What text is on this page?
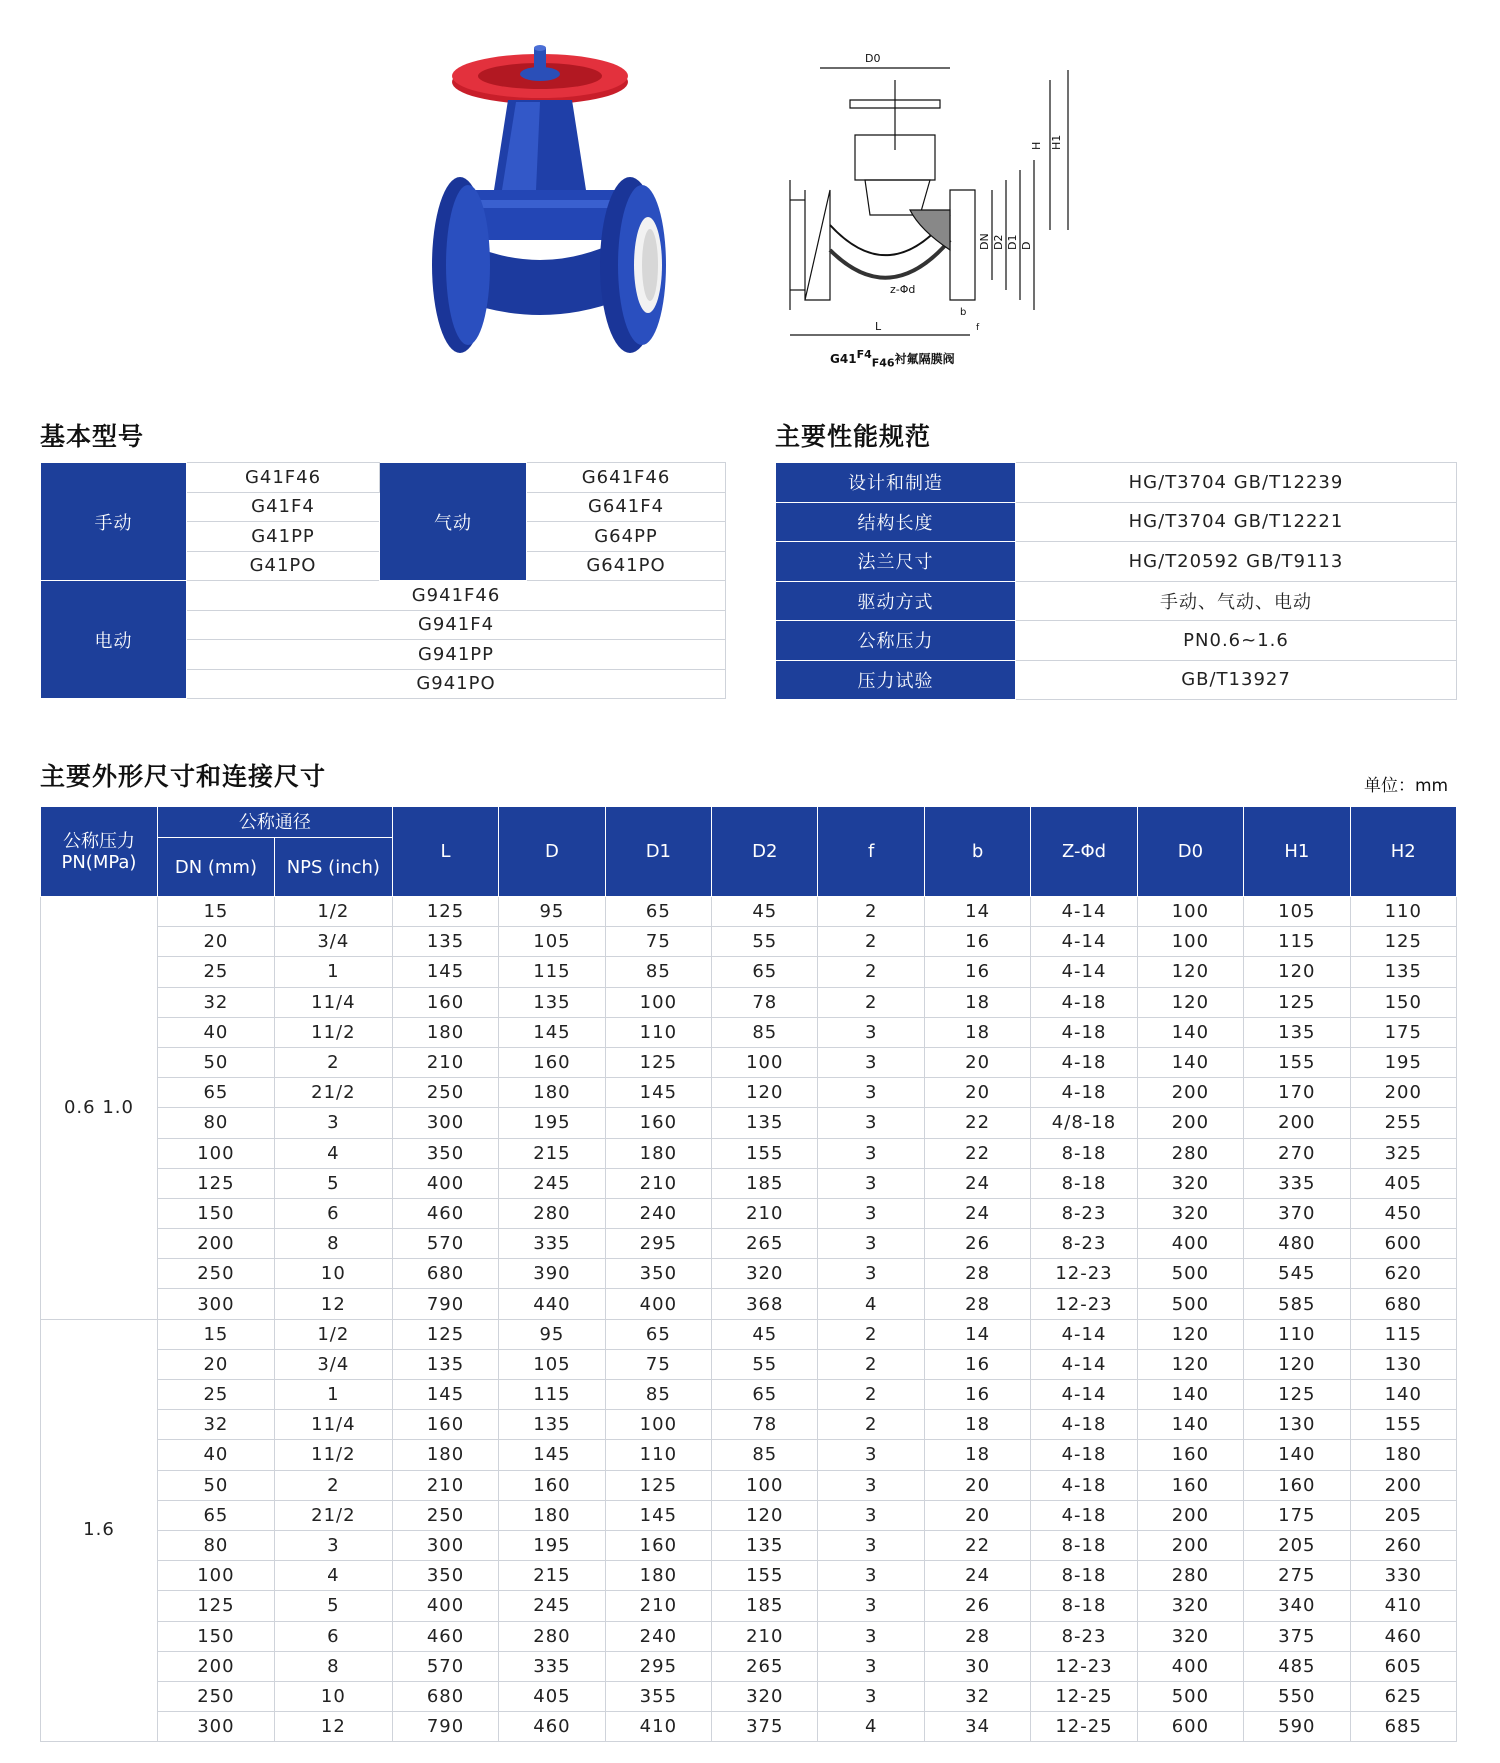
D0
H H1
DN D2 D1 D
z-Φd
b
L	f
$G41^{F4}_{F46}$衬氟隔膜阀
基本型号
手动	G41F46	气动	G641F46
	G41F4		G641F4
	G41PP		G64PP
	G41PO		G641PO
电动	G941F46		
	G941F4		
	G941PP		
	G941PO		
主要性能规范
设计和制造	HG/T3704 GB/T12239
结构长度	HG/T3704 GB/T12221
法兰尺寸	HG/T20592 GB/T9113
驱动方式	手动、气动、电动
公称压力	PN0.6~1.6
压力试验	GB/T13927
主要外形尺寸和连接尺寸	单位：mm
公称压力 PN(MPa)	公称通径		L	D	D1	D2	f	b	Z-Φd	D0	H1	H2
	DN (mm)	NPS (inch)										
0.6 1.0	15	1/2	125	95	65	45	2	14	4-14	100	105	110
	20	3/4	135	105	75	55	2	16	4-14	100	115	125
	25	1	145	115	85	65	2	16	4-14	120	120	135
	32	11/4	160	135	100	78	2	18	4-18	120	125	150
	40	11/2	180	145	110	85	3	18	4-18	140	135	175
	50	2	210	160	125	100	3	20	4-18	140	155	195
	65	21/2	250	180	145	120	3	20	4-18	200	170	200
	80	3	300	195	160	135	3	22	4/8-18	200	200	255
	100	4	350	215	180	155	3	22	8-18	280	270	325
	125	5	400	245	210	185	3	24	8-18	320	335	405
	150	6	460	280	240	210	3	24	8-23	320	370	450
	200	8	570	335	295	265	3	26	8-23	400	480	600
	250	10	680	390	350	320	3	28	12-23	500	545	620
	300	12	790	440	400	368	4	28	12-23	500	585	680
1.6	15	1/2	125	95	65	45	2	14	4-14	120	110	115
	20	3/4	135	105	75	55	2	16	4-14	120	120	130
	25	1	145	115	85	65	2	16	4-14	140	125	140
	32	11/4	160	135	100	78	2	18	4-18	140	130	155
	40	11/2	180	145	110	85	3	18	4-18	160	140	180
	50	2	210	160	125	100	3	20	4-18	160	160	200
	65	21/2	250	180	145	120	3	20	4-18	200	175	205
	80	3	300	195	160	135	3	22	8-18	200	205	260
	100	4	350	215	180	155	3	24	8-18	280	275	330
	125	5	400	245	210	185	3	26	8-18	320	340	410
	150	6	460	280	240	210	3	28	8-23	320	375	460
	200	8	570	335	295	265	3	30	12-23	400	485	605
	250	10	680	405	355	320	3	32	12-25	500	550	625
	300	12	790	460	410	375	4	34	12-25	600	590	685
